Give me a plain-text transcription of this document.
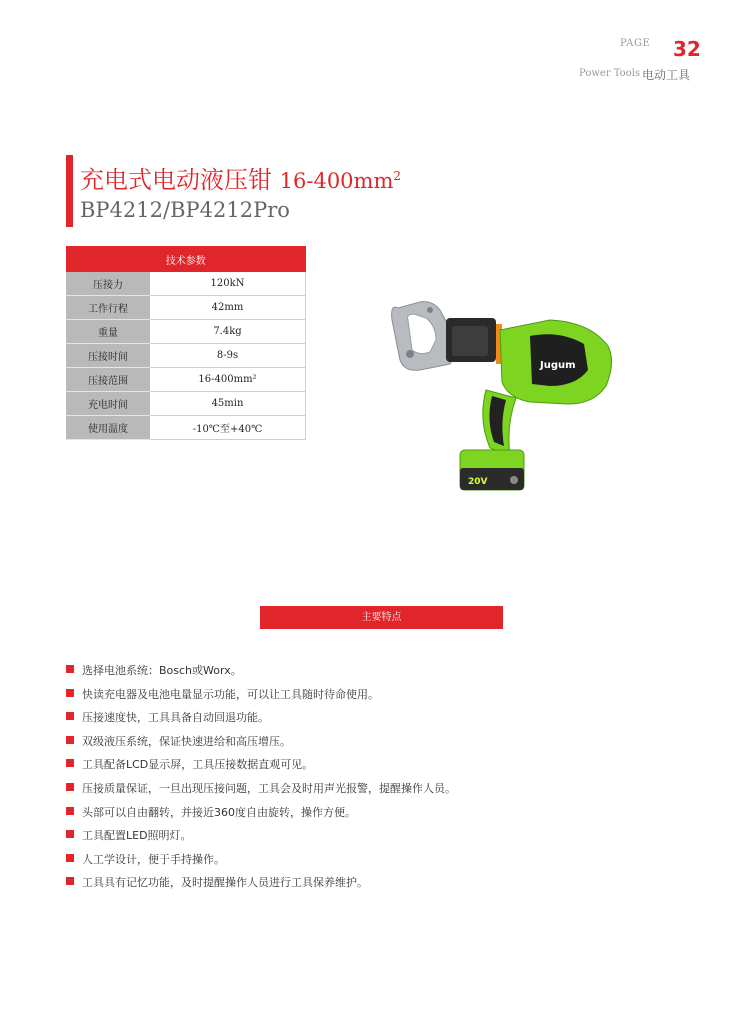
PAGE 32
Power Tools 电动工具
充电式电动液压钳 $16-400mm^2$
BP4212/BP4212Pro
技术参数	
压接力	120kN
工作行程	42mm
重量	7.4kg
压接时间	8-9s
压接范围	16-400mm²
充电时间	45min
使用温度	-10℃至+40℃
Jugum
20V
主要特点
选择电池系统：Bosch或Worx。
快读充电器及电池电量显示功能，可以让工具随时待命使用。
压接速度快，工具具备自动回退功能。
双级液压系统，保证快速进给和高压增压。
工具配备LCD显示屏，工具压接数据直观可见。
压接质量保证，一旦出现压接问题，工具会及时用声光报警，提醒操作人员。
头部可以自由翻转，并接近360度自由旋转，操作方便。
工具配置LED照明灯。
人工学设计，便于手持操作。
工具具有记忆功能，及时提醒操作人员进行工具保养维护。
